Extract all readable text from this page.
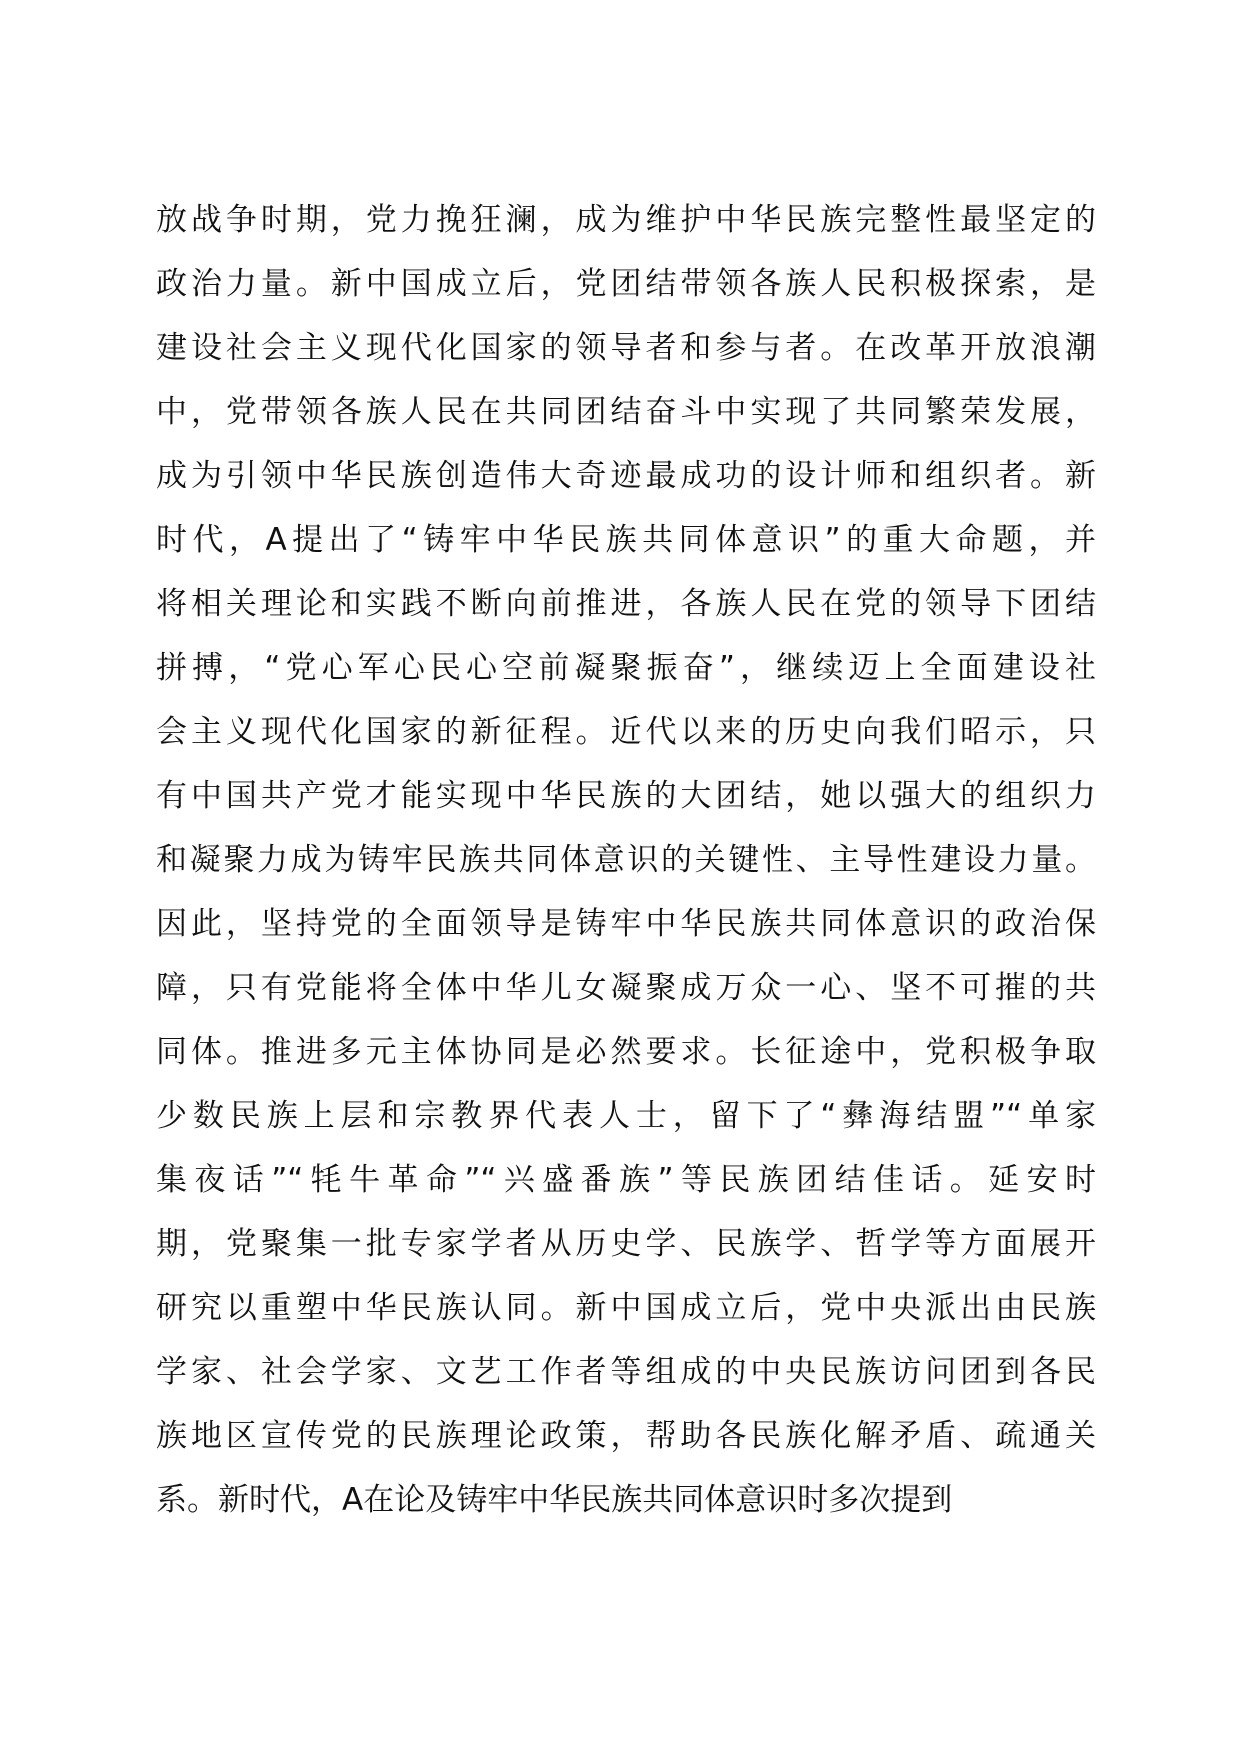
放战争时期，党力挽狂澜，成为维护中华民族完整性最坚定的
政治力量。新中国成立后，党团结带领各族人民积极探索，是
建设社会主义现代化国家的领导者和参与者。在改革开放浪潮
中，党带领各族人民在共同团结奋斗中实现了共同繁荣发展，
成为引领中华民族创造伟大奇迹最成功的设计师和组织者。新
时代，A提出了“铸牢中华民族共同体意识”的重大命题，并
将相关理论和实践不断向前推进，各族人民在党的领导下团结
拼搏，“党心军心民心空前凝聚振奋”，继续迈上全面建设社
会主义现代化国家的新征程。近代以来的历史向我们昭示，只
有中国共产党才能实现中华民族的大团结，她以强大的组织力
和凝聚力成为铸牢民族共同体意识的关键性、主导性建设力量。
因此，坚持党的全面领导是铸牢中华民族共同体意识的政治保
障，只有党能将全体中华儿女凝聚成万众一心、坚不可摧的共
同体。推进多元主体协同是必然要求。长征途中，党积极争取
少数民族上层和宗教界代表人士，留下了“彝海结盟”“单家
集夜话”“牦牛革命”“兴盛番族”等民族团结佳话。延安时
期，党聚集一批专家学者从历史学、民族学、哲学等方面展开
研究以重塑中华民族认同。新中国成立后，党中央派出由民族
学家、社会学家、文艺工作者等组成的中央民族访问团到各民
族地区宣传党的民族理论政策，帮助各民族化解矛盾、疏通关
系。新时代，A在论及铸牢中华民族共同体意识时多次提到
